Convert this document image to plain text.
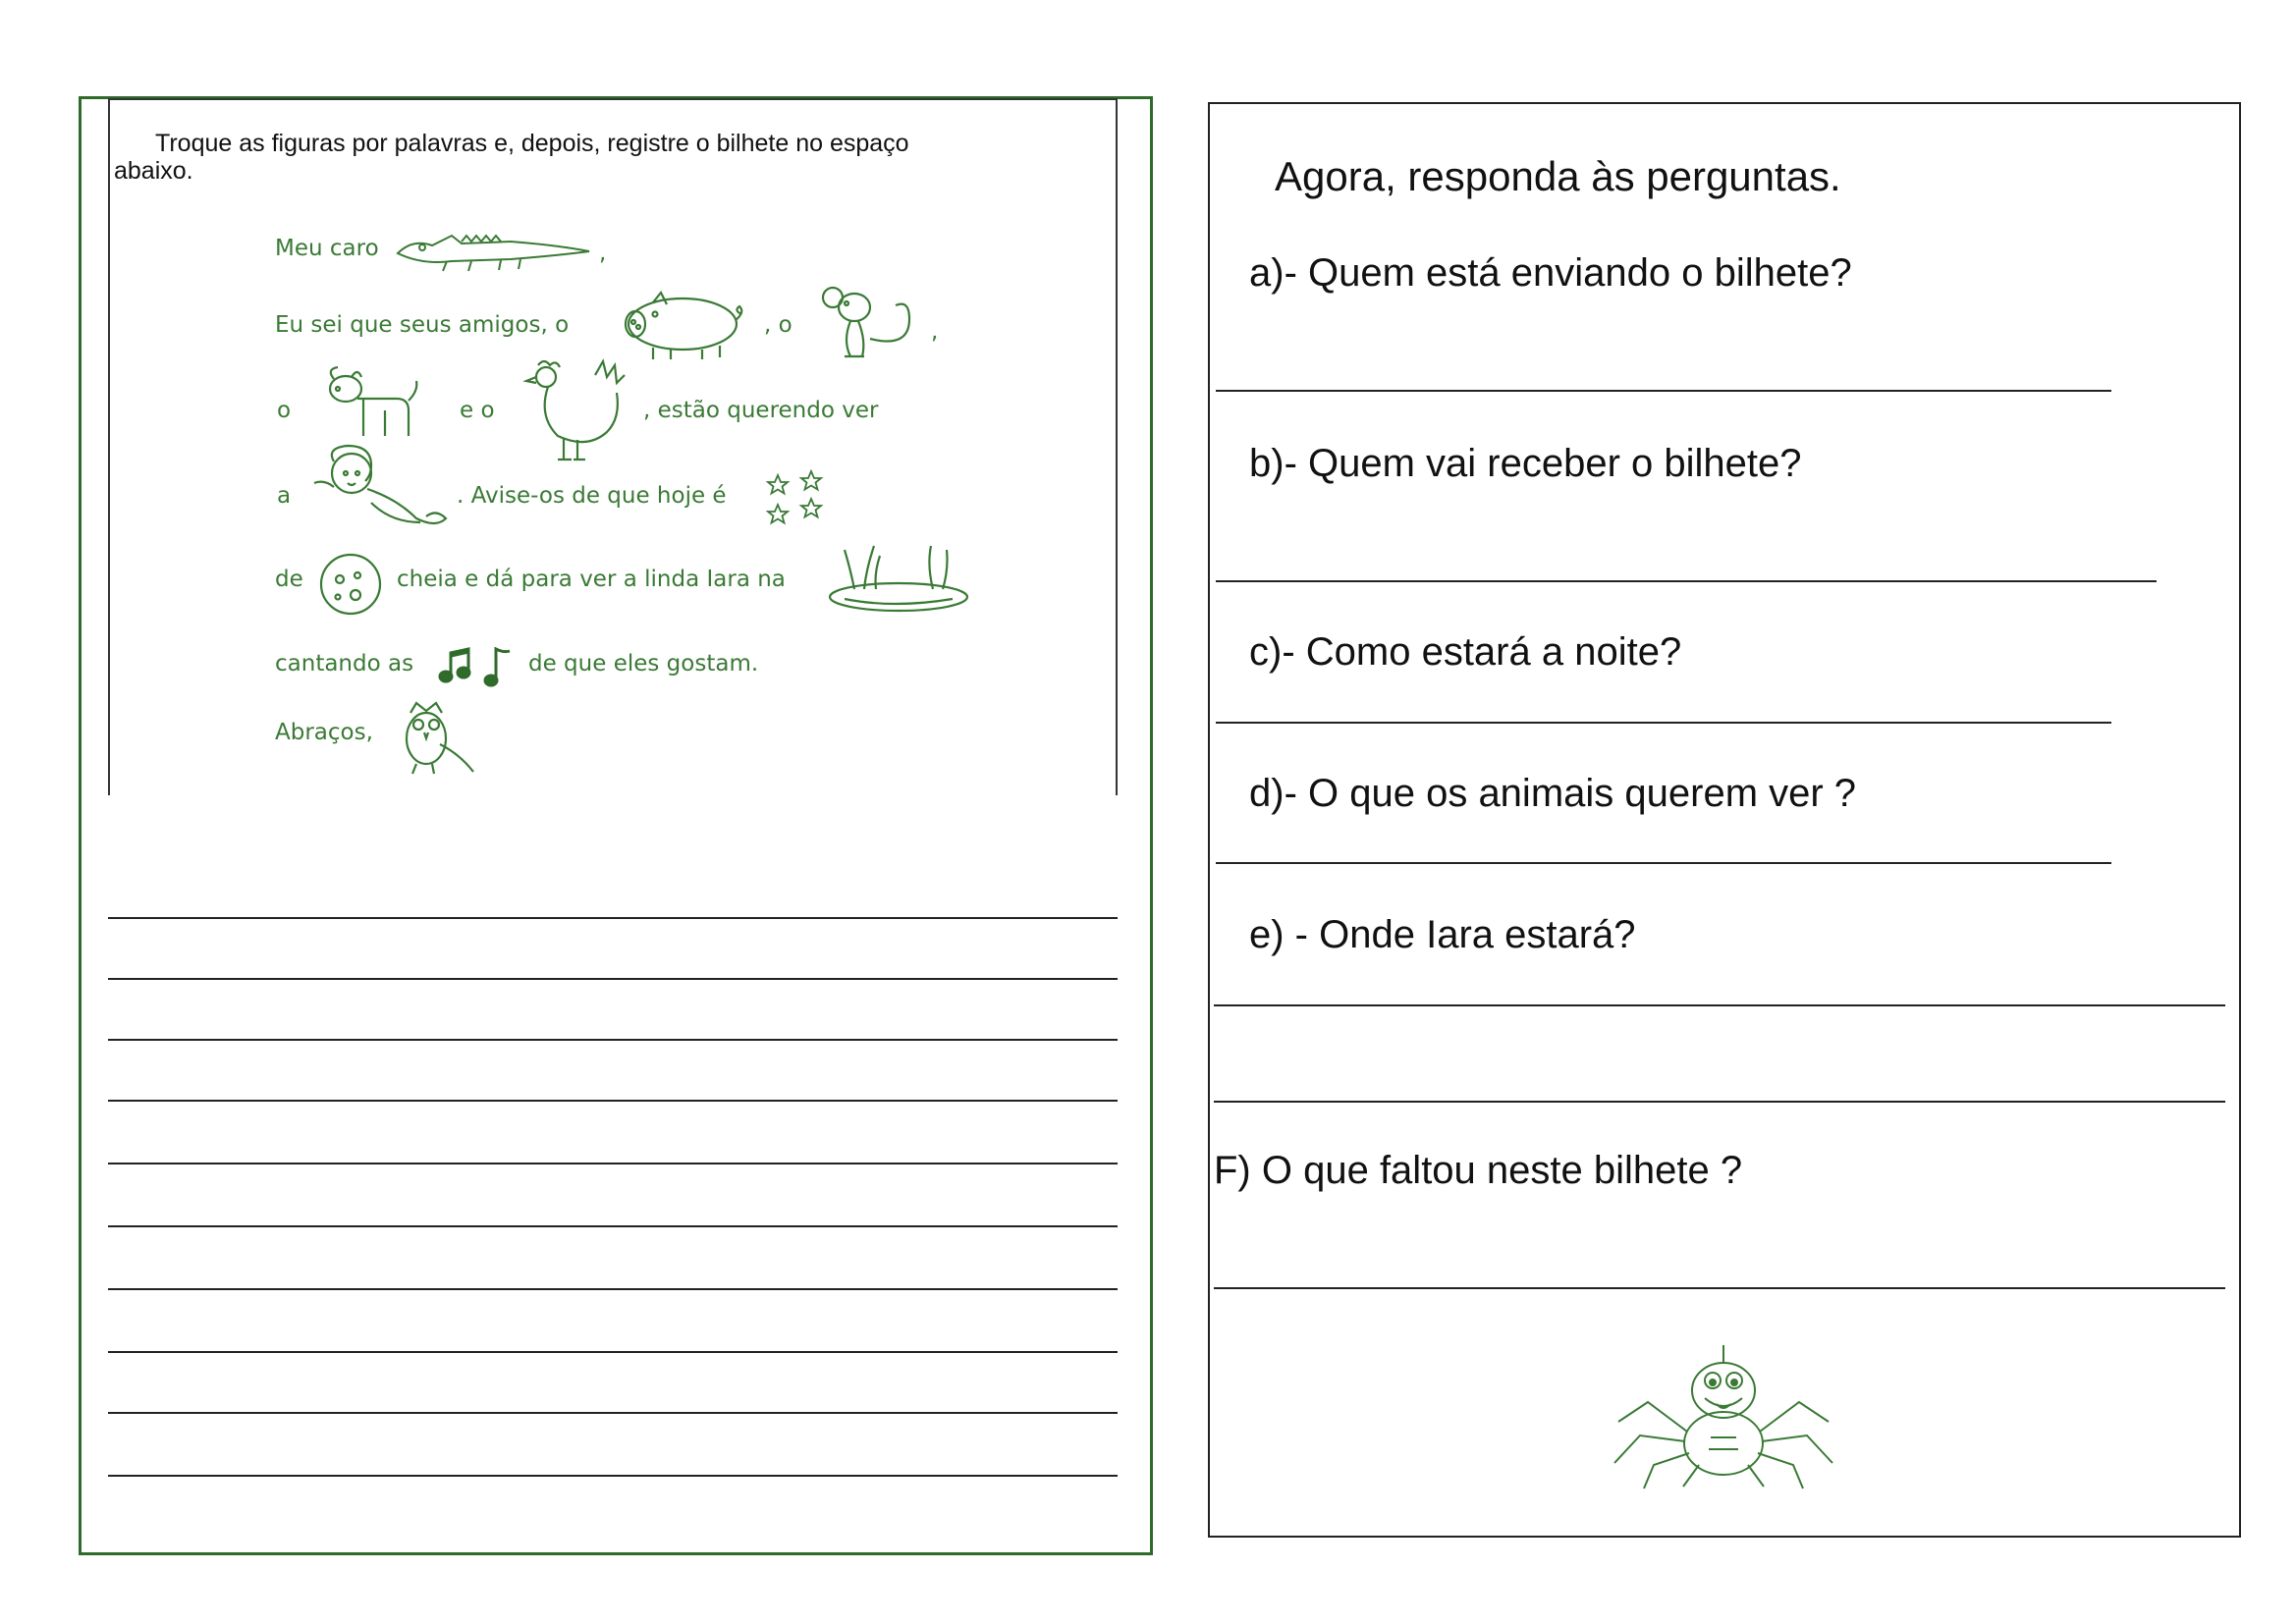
Troque as figuras por palavras e, depois, registre o bilhete no espaço
abaixo.
Meu caro	,
Eu sei que seus amigos, o	, o	,
o	e o	, estão querendo ver
a	. Avise-os de que hoje é
de	cheia e dá para ver a linda Iara na
cantando as	de que eles gostam.
Abraços,
Agora, responda às perguntas.
a)- Quem está enviando o bilhete?
b)- Quem vai receber o bilhete?
c)- Como estará a noite?
d)- O que os animais querem ver ?
e) - Onde Iara estará?
F) O que faltou neste bilhete ?
